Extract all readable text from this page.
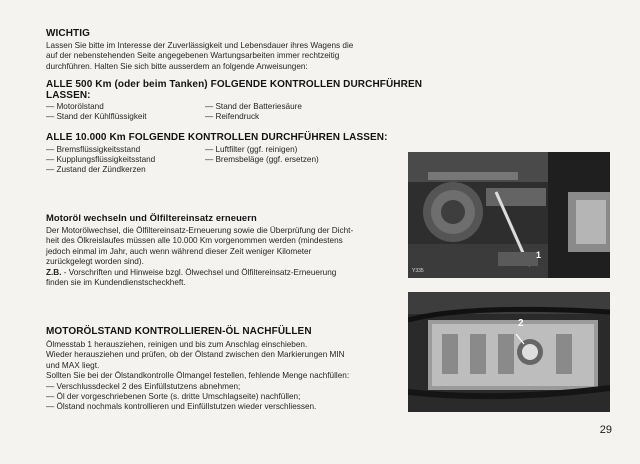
WICHTIG
Lassen Sie bitte im Interesse der Zuverlässigkeit und Lebensdauer ihres Wagens die
auf der nebenstehenden Seite angegebenen Wartungsarbeiten immer rechtzeitig
durchführen. Halten Sie sich bitte ausserdem an folgende Anweisungen:
ALLE 500 Km (oder beim Tanken) FOLGENDE KONTROLLEN DURCHFÜHREN
LASSEN:
— Motorölstand
— Stand der Kühlflüssigkeit
— Stand der Batteriesäure
— Reifendruck
ALLE 10.000 Km FOLGENDE KONTROLLEN DURCHFÜHREN LASSEN:
— Bremsflüssigkeitsstand
— Kupplungsflüssigkeitsstand
— Zustand der Zündkerzen
— Luftfilter (ggf. reinigen)
— Bremsbeläge (ggf. ersetzen)
Motoröl wechseln und Ölfiltereinsatz erneuern
Der Motorölwechsel, die Ölfiltereinsatz-Erneuerung sowie die Überprüfung der Dicht-
heit des Ölkreislaufes müssen alle 10.000 Km vorgenommen werden (mindestens
jedoch einmal im Jahr, auch wenn während dieser Zeit weniger Kilometer
zurückgelegt worden sind).
Z.B. - Vorschriften und Hinweise bzgl. Ölwechsel und Ölfiltereinsatz-Erneuerung
finden sie im Kundendienstscheckheft.
MOTORÖLSTAND KONTROLLIEREN-ÖL NACHFÜLLEN
Ölmesstab 1 herausziehen, reinigen und bis zum Anschlag einschieben.
Wieder herausziehen und prüfen, ob der Ölstand zwischen den Markierungen MIN
und MAX liegt.
Sollten Sie bei der Ölstandkontrolle Ölmangel festellen, fehlende Menge nachfüllen:
— Verschlussdeckel 2 des Einfüllstutzens abnehmen;
— Öl der vorgeschriebenen Sorte (s. dritte Umschlagseite) nachfüllen;
— Ölstand nochmals kontrollieren und Einfüllstutzen wieder verschliessen.
1
Y335
2
29
